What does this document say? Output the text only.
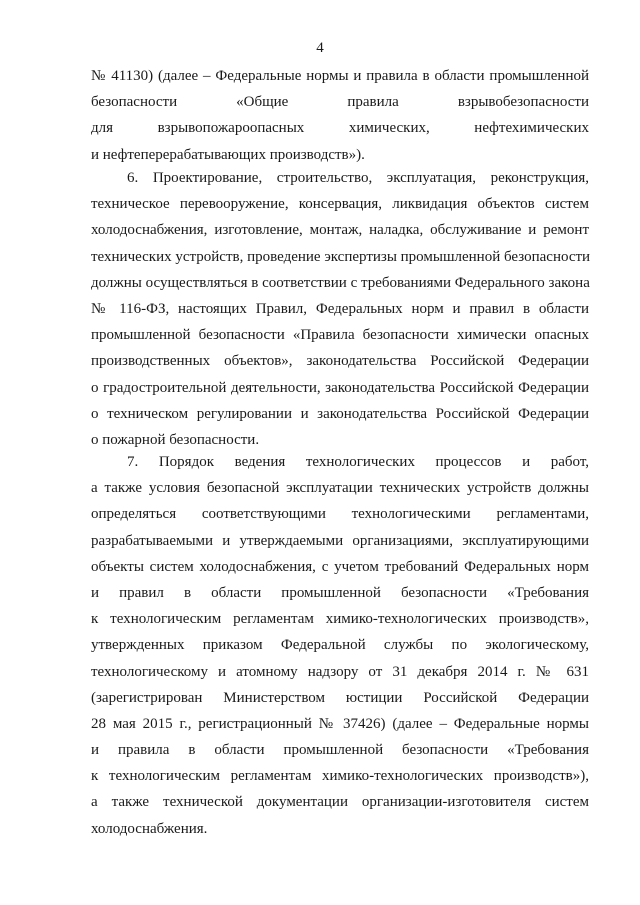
4
№ 41130) (далее – Федеральные нормы и правила в области промышленной
безопасности «Общие правила взрывобезопасности
для взрывопожароопасных химических, нефтехимических
и нефтеперерабатывающих производств»).
6. Проектирование, строительство, эксплуатация, реконструкция,
техническое перевооружение, консервация, ликвидация объектов систем
холодоснабжения, изготовление, монтаж, наладка, обслуживание и ремонт
технических устройств, проведение экспертизы промышленной безопасности
должны осуществляться в соответствии с требованиями Федерального закона
№ 116-ФЗ, настоящих Правил, Федеральных норм и правил в области
промышленной безопасности «Правила безопасности химически опасных
производственных объектов», законодательства Российской Федерации
о градостроительной деятельности, законодательства Российской Федерации
о техническом регулировании и законодательства Российской Федерации
о пожарной безопасности.
7. Порядок ведения технологических процессов и работ,
а также условия безопасной эксплуатации технических устройств должны
определяться соответствующими технологическими регламентами,
разрабатываемыми и утверждаемыми организациями, эксплуатирующими
объекты систем холодоснабжения, с учетом требований Федеральных норм
и правил в области промышленной безопасности «Требования
к технологическим регламентам химико-технологических производств»,
утвержденных приказом Федеральной службы по экологическому,
технологическому и атомному надзору от 31 декабря 2014 г. № 631
(зарегистрирован Министерством юстиции Российской Федерации
28 мая 2015 г., регистрационный № 37426) (далее – Федеральные нормы
и правила в области промышленной безопасности «Требования
к технологическим регламентам химико-технологических производств»),
а также технической документации организации-изготовителя систем
холодоснабжения.
